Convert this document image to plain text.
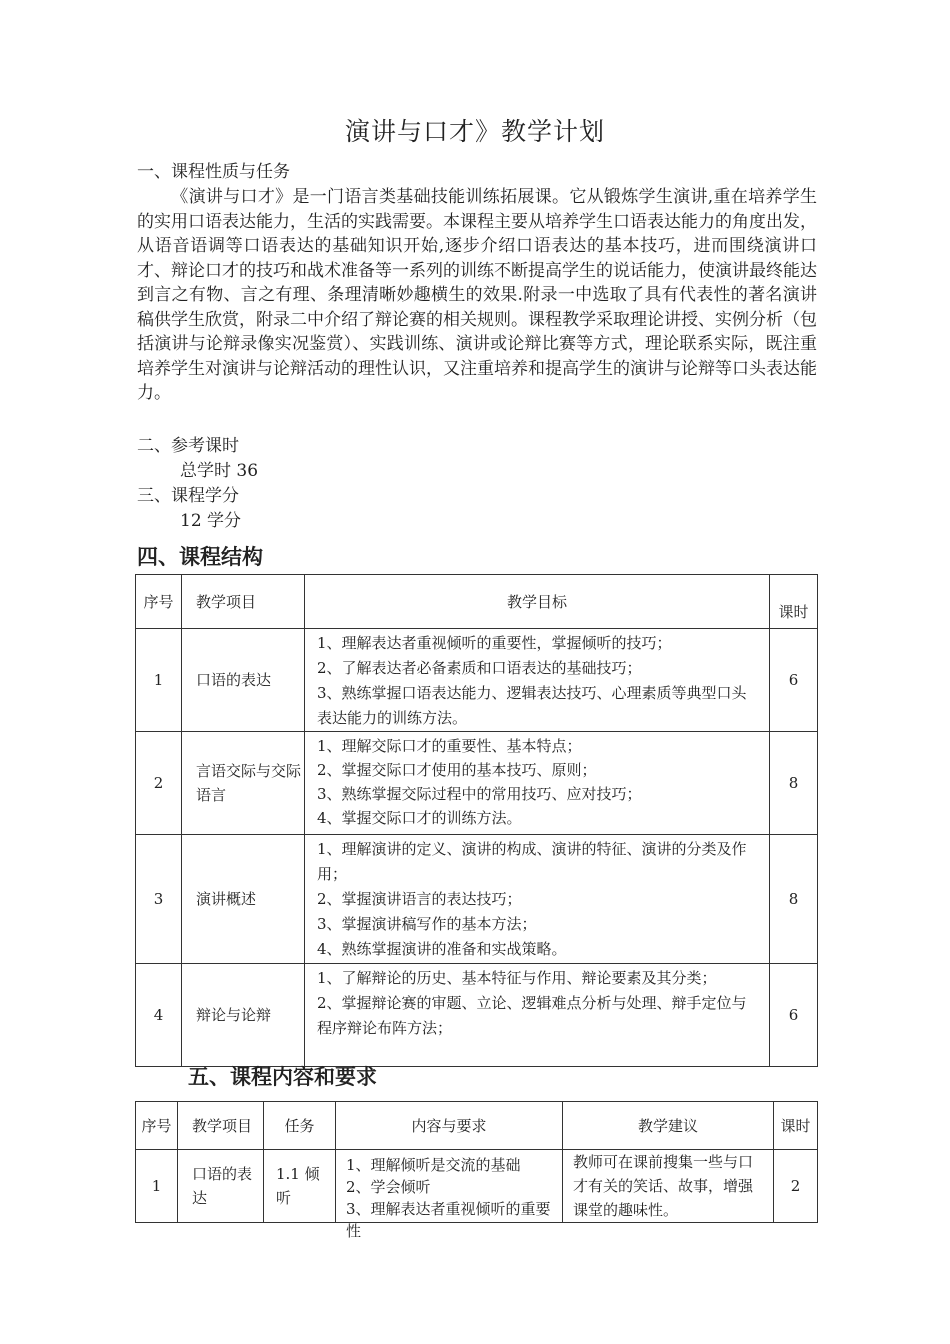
演讲与口才》教学计划
一、课程性质与任务
《演讲与口才》是一门语言类基础技能训练拓展课。它从锻炼学生演讲,重在培养学生的实用口语表达能力，生活的实践需要。本课程主要从培养学生口语表达能力的角度出发，从语音语调等口语表达的基础知识开始,逐步介绍口语表达的基本技巧，进而围绕演讲口才、辩论口才的技巧和战术准备等一系列的训练不断提高学生的说话能力，使演讲最终能达到言之有物、言之有理、条理清晰妙趣横生的效果.附录一中选取了具有代表性的著名演讲稿供学生欣赏，附录二中介绍了辩论赛的相关规则。课程教学采取理论讲授、实例分析（包括演讲与论辩录像实况鉴赏）、实践训练、演讲或论辩比赛等方式，理论联系实际，既注重培养学生对演讲与论辩活动的理性认识，又注重培养和提高学生的演讲与论辩等口头表达能力。
二、参考课时
总学时 36
三、课程学分
12 学分
四、课程结构
序号	教学项目	教学目标	课时
1	口语的表达	1、理解表达者重视倾听的重要性，掌握倾听的技巧；
2、了解表达者必备素质和口语表达的基础技巧；
3、熟练掌握口语表达能力、逻辑表达技巧、心理素质等典型口头表达能力的训练方法。	6
2	言语交际与交际语言	1、理解交际口才的重要性、基本特点；
2、掌握交际口才使用的基本技巧、原则；
3、熟练掌握交际过程中的常用技巧、应对技巧；
4、掌握交际口才的训练方法。	8
3	演讲概述	1、理解演讲的定义、演讲的构成、演讲的特征、演讲的分类及作用；
2、掌握演讲语言的表达技巧；
3、掌握演讲稿写作的基本方法；
4、熟练掌握演讲的准备和实战策略。	8
4	辩论与论辩	1、了解辩论的历史、基本特征与作用、辩论要素及其分类；
2、掌握辩论赛的审题、立论、逻辑难点分析与处理、辩手定位与程序辩论布阵方法；	6
五、课程内容和要求
序号	教学项目	任务	内容与要求	教学建议	课时
1	口语的表达	1.1 倾听	1、理解倾听是交流的基础
2、学会倾听
3、理解表达者重视倾听的重要性	教师可在课前搜集一些与口才有关的笑话、故事，增强课堂的趣味性。	2
